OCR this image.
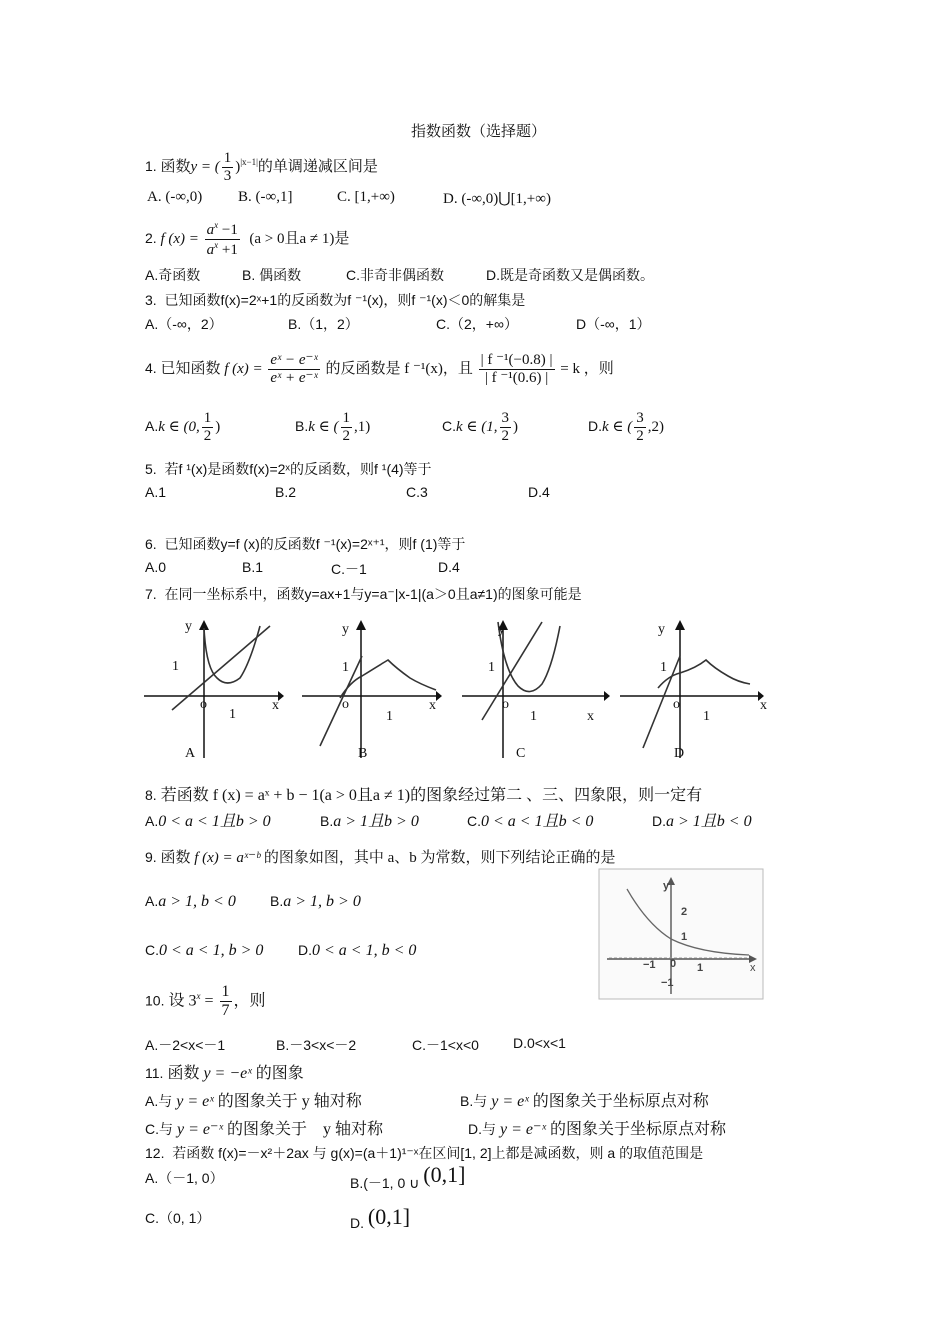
指数函数（选择题）
1. 函数y = ( $\frac{1}{3} )^{|x-1|}$的单调递减区间是
A. (-∞,0) B. (-∞,1]	C. [1,+∞)	D. (-∞,0)⋃[1,+∞)
2. f $(x) = \frac{a^x -1}{a^x +1} (a > 0$且a ≠ 1)是
A.奇函数	B. 偶函数	C.非奇非偶函数	D.既是奇函数又是偶函数。
3. 已知函数f(x)=2ˣ+1的反函数为f ⁻¹(x)，则f ⁻¹(x)＜0的解集是
A.（-∞，2）	B.（1，2）	C.（2，+∞）	D（-∞，1）
4. 已知函数 f $(x) = \frac{\text{eˣ − e⁻ˣ}}{\text{eˣ + e⁻ˣ}}$ 的反函数是 f ⁻¹(x)，且 $\frac{\text{| f ⁻¹(−0.8) |}}{\text{| f ⁻¹(0.6) |}} = k$ ，则
A.k ∈ (0, $\frac{1}{2}$ )	B.k ∈ ( $\frac{1}{2} ,1$)	C.k ∈ (1, $\frac{3}{2}$ )	D.k ∈ ( $\frac{3}{2} ,2$)
5. 若f ¹(x)是函数f(x)=2ˣ的反函数，则f ¹(4)等于
A.1	B.2	C.3	D.4
6. 已知函数y=f (x)的反函数f ⁻¹(x)=2ˣ⁺¹，则f (1)等于
A.0	B.1	C.－1	D.4
7. 在同一坐标系中，函数y=ax+1与y=a⁻|x-1|(a＞0且a≠1)的图象可能是
y
1
o
1
x
A
y
1
o
1
x
B
y
1
o
1	x
C
y
1
o
1
x
D
8. 若函数 f (x) = aˣ + b − 1(a > 0且a ≠ 1)的图象经过第二 、三、四象限，则一定有
A.0 < a < 1且b > 0	B.a > 1且b > 0	C.0 < a < 1且b < 0	D.a > 1且b < 0
9. 函数 f (x) = aˣ⁻ᵇ 的图象如图，其中 a、b 为常数，则下列结论正确的是
A.a > 1, b < 0 B.a > 1, b > 0
C.0 < a < 1, b > 0 D.0 < a < 1, b < 0
y
x
2
1
1
−1 0
−1
10. 设 $3^x = \frac{1}{7}$ ，则
A.－2<x<－1	B.－3<x<－2	C.－1<x<0 D.0<x<1
11. 函数 y = −eˣ 的图象
A.与 y = eˣ 的图象关于 y 轴对称	B.与 y = eˣ 的图象关于坐标原点对称
C.与 y = e⁻ˣ 的图象关于　y 轴对称	D.与 y = e⁻ˣ 的图象关于坐标原点对称
12. 若函数 f(x)=－x²＋2ax 与 g(x)=(a＋1)¹⁻ˣ在区间[1, 2]上都是减函数，则 a 的取值范围是
A.（－1, 0）	B.(－1, 0 ∪ (0,1]
C.（0, 1）	D. (0,1]
